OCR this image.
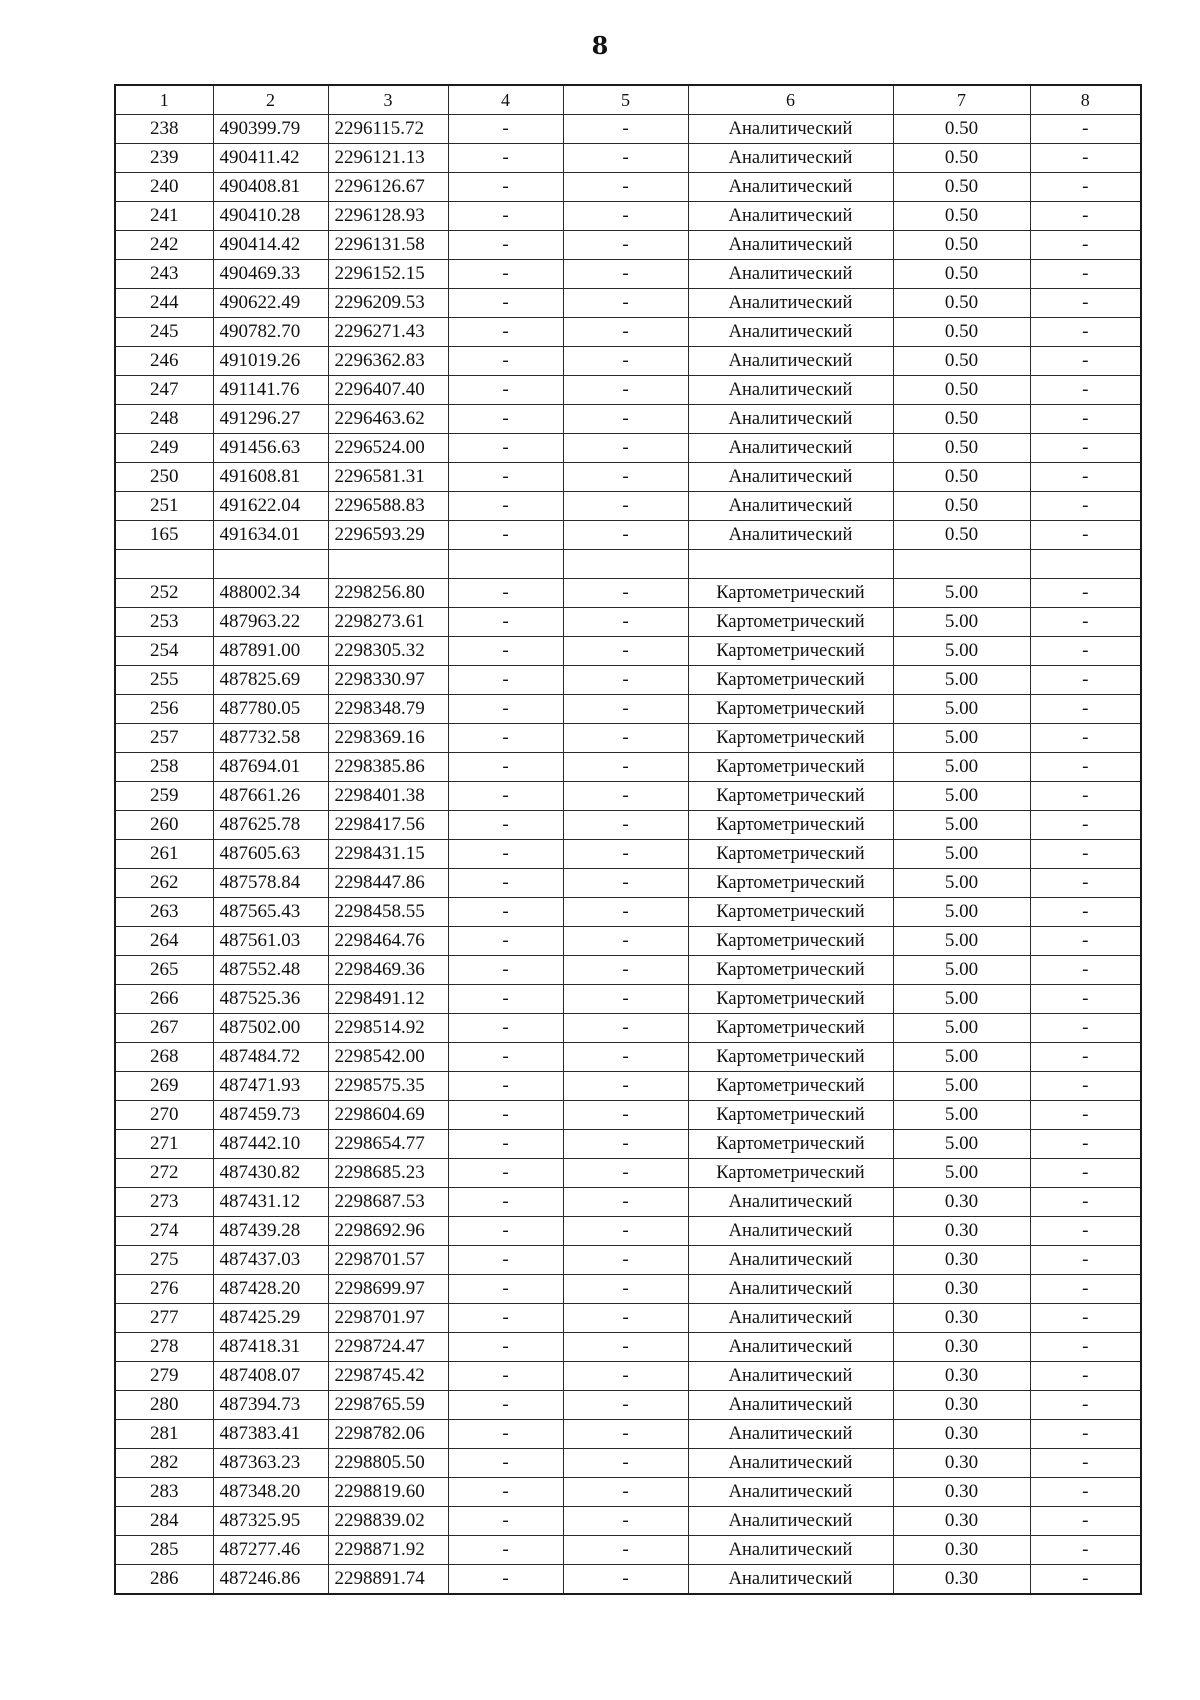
8
1	2	3	4	5	6	7	8
238	490399.79	2296115.72	-	-	Аналитический	0.50	-
239	490411.42	2296121.13	-	-	Аналитический	0.50	-
240	490408.81	2296126.67	-	-	Аналитический	0.50	-
241	490410.28	2296128.93	-	-	Аналитический	0.50	-
242	490414.42	2296131.58	-	-	Аналитический	0.50	-
243	490469.33	2296152.15	-	-	Аналитический	0.50	-
244	490622.49	2296209.53	-	-	Аналитический	0.50	-
245	490782.70	2296271.43	-	-	Аналитический	0.50	-
246	491019.26	2296362.83	-	-	Аналитический	0.50	-
247	491141.76	2296407.40	-	-	Аналитический	0.50	-
248	491296.27	2296463.62	-	-	Аналитический	0.50	-
249	491456.63	2296524.00	-	-	Аналитический	0.50	-
250	491608.81	2296581.31	-	-	Аналитический	0.50	-
251	491622.04	2296588.83	-	-	Аналитический	0.50	-
165	491634.01	2296593.29	-	-	Аналитический	0.50	-

252	488002.34	2298256.80	-	-	Картометрический	5.00	-
253	487963.22	2298273.61	-	-	Картометрический	5.00	-
254	487891.00	2298305.32	-	-	Картометрический	5.00	-
255	487825.69	2298330.97	-	-	Картометрический	5.00	-
256	487780.05	2298348.79	-	-	Картометрический	5.00	-
257	487732.58	2298369.16	-	-	Картометрический	5.00	-
258	487694.01	2298385.86	-	-	Картометрический	5.00	-
259	487661.26	2298401.38	-	-	Картометрический	5.00	-
260	487625.78	2298417.56	-	-	Картометрический	5.00	-
261	487605.63	2298431.15	-	-	Картометрический	5.00	-
262	487578.84	2298447.86	-	-	Картометрический	5.00	-
263	487565.43	2298458.55	-	-	Картометрический	5.00	-
264	487561.03	2298464.76	-	-	Картометрический	5.00	-
265	487552.48	2298469.36	-	-	Картометрический	5.00	-
266	487525.36	2298491.12	-	-	Картометрический	5.00	-
267	487502.00	2298514.92	-	-	Картометрический	5.00	-
268	487484.72	2298542.00	-	-	Картометрический	5.00	-
269	487471.93	2298575.35	-	-	Картометрический	5.00	-
270	487459.73	2298604.69	-	-	Картометрический	5.00	-
271	487442.10	2298654.77	-	-	Картометрический	5.00	-
272	487430.82	2298685.23	-	-	Картометрический	5.00	-
273	487431.12	2298687.53	-	-	Аналитический	0.30	-
274	487439.28	2298692.96	-	-	Аналитический	0.30	-
275	487437.03	2298701.57	-	-	Аналитический	0.30	-
276	487428.20	2298699.97	-	-	Аналитический	0.30	-
277	487425.29	2298701.97	-	-	Аналитический	0.30	-
278	487418.31	2298724.47	-	-	Аналитический	0.30	-
279	487408.07	2298745.42	-	-	Аналитический	0.30	-
280	487394.73	2298765.59	-	-	Аналитический	0.30	-
281	487383.41	2298782.06	-	-	Аналитический	0.30	-
282	487363.23	2298805.50	-	-	Аналитический	0.30	-
283	487348.20	2298819.60	-	-	Аналитический	0.30	-
284	487325.95	2298839.02	-	-	Аналитический	0.30	-
285	487277.46	2298871.92	-	-	Аналитический	0.30	-
286	487246.86	2298891.74	-	-	Аналитический	0.30	-
